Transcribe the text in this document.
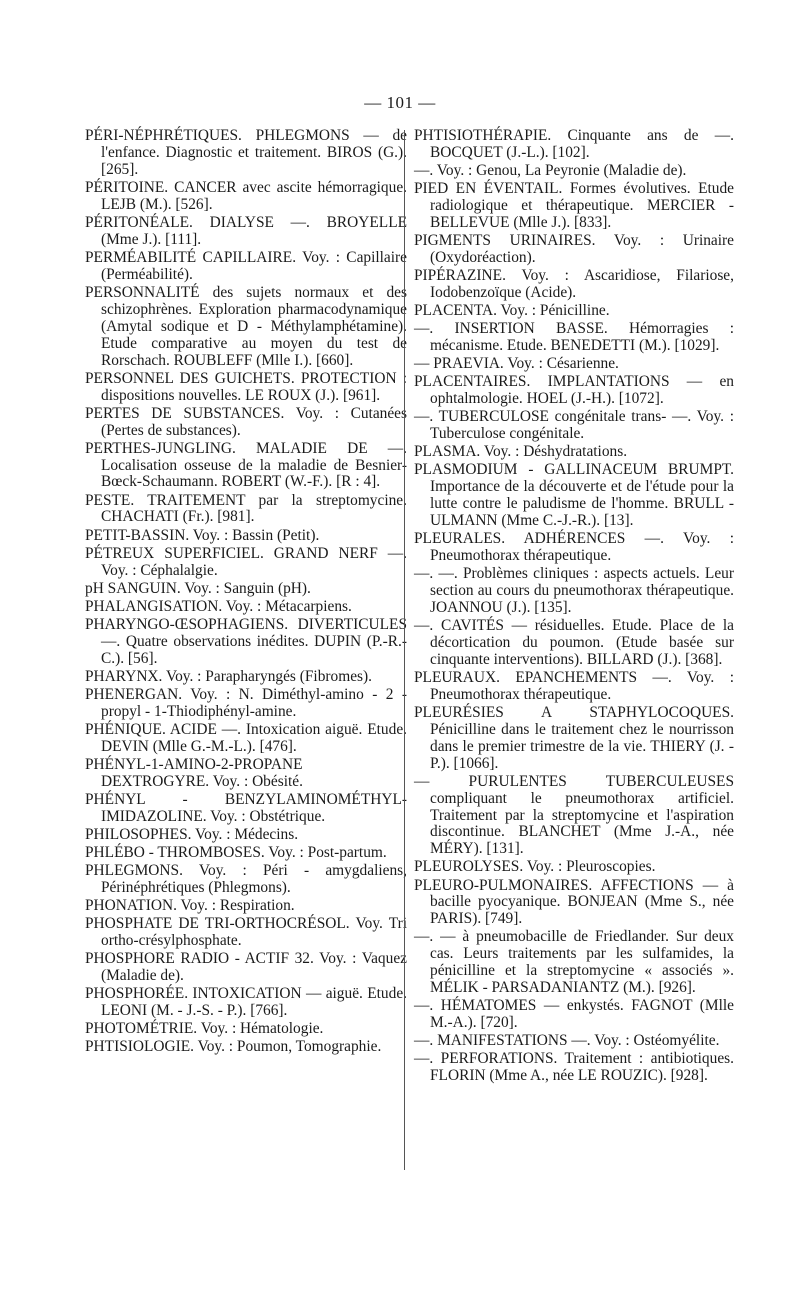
— 101 —

PÉRI-NÉPHRÉTIQUES. PHLEGMONS — de l'enfance. Diagnostic et traitement. BIROS (G.). [265].

PÉRITOINE. CANCER avec ascite hémorragique. LEJB (M.). [526].

PÉRITONÉALE. DIALYSE —. BROYELLE (Mme J.). [111].

PERMÉABILITÉ CAPILLAIRE. Voy. : Capillaire (Perméabilité).

PERSONNALITÉ des sujets normaux et des schizophrènes. Exploration pharmacodynamique (Amytal sodique et D - Méthylamphétamine). Etude comparative au moyen du test de Rorschach. ROUBLEFF (Mlle I.). [660].

PERSONNEL DES GUICHETS. PROTECTION : dispositions nouvelles. LE ROUX (J.). [961].

PERTES DE SUBSTANCES. Voy. : Cutanées (Pertes de substances).

PERTHES-JUNGLING. MALADIE DE —. Localisation osseuse de la maladie de Besnier-Bœck-Schaumann. ROBERT (W.-F.). [R : 4].

PESTE. TRAITEMENT par la streptomycine. CHACHATI (Fr.). [981].

PETIT-BASSIN. Voy. : Bassin (Petit).

PÉTREUX SUPERFICIEL. GRAND NERF —. Voy. : Céphalalgie.

pH SANGUIN. Voy. : Sanguin (pH).

PHALANGISATION. Voy. : Métacarpiens.

PHARYNGO-ŒSOPHAGIENS. DIVERTICULES —. Quatre observations inédites. DUPIN (P.-R.-C.). [56].

PHARYNX. Voy. : Parapharyngés (Fibromes).

PHENERGAN. Voy. : N. Diméthyl-amino - 2 - propyl - 1-Thiodiphényl-amine.

PHÉNIQUE. ACIDE —. Intoxication aiguë. Etude. DEVIN (Mlle G.-M.-L.). [476].

PHÉNYL-1-AMINO-2-PROPANE DEXTROGYRE. Voy. : Obésité.

PHÉNYL - BENZYLAMINOMÉTHYL-IMIDAZOLINE. Voy. : Obstétrique.

PHILOSOPHES. Voy. : Médecins.

PHLÉBO - THROMBOSES. Voy. : Post-partum.

PHLEGMONS. Voy. : Péri - amygdaliens, Périnéphrétiques (Phlegmons).

PHONATION. Voy. : Respiration.

PHOSPHATE DE TRI-ORTHOCRÉSOL. Voy. Tri ortho-crésylphosphate.

PHOSPHORE RADIO - ACTIF 32. Voy. : Vaquez (Maladie de).

PHOSPHORÉE. INTOXICATION — aiguë. Etude. LEONI (M. - J.-S. - P.). [766].

PHOTOMÉTRIE. Voy. : Hématologie.

PHTISIOLOGIE. Voy. : Poumon, Tomographie.

PHTISIOTHÉRAPIE. Cinquante ans de —. BOCQUET (J.-L.). [102].

—. Voy. : Genou, La Peyronie (Maladie de).

PIED EN ÉVENTAIL. Formes évolutives. Etude radiologique et thérapeutique. MERCIER - BELLEVUE (Mlle J.). [833].

PIGMENTS URINAIRES. Voy. : Urinaire (Oxydoréaction).

PIPÉRAZINE. Voy. : Ascaridiose, Filariose, Iodobenzoïque (Acide).

PLACENTA. Voy. : Pénicilline.

—. INSERTION BASSE. Hémorragies : mécanisme. Etude. BENEDETTI (M.). [1029].

— PRAEVIA. Voy. : Césarienne.

PLACENTAIRES. IMPLANTATIONS — en ophtalmologie. HOEL (J.-H.). [1072].

—. TUBERCULOSE congénitale trans- —. Voy. : Tuberculose congénitale.

PLASMA. Voy. : Déshydratations.

PLASMODIUM - GALLINACEUM BRUMPT. Importance de la découverte et de l'étude pour la lutte contre le paludisme de l'homme. BRULL - ULMANN (Mme C.-J.-R.). [13].

PLEURALES. ADHÉRENCES —. Voy. : Pneumothorax thérapeutique.

—. —. Problèmes cliniques : aspects actuels. Leur section au cours du pneumothorax thérapeutique. JOANNOU (J.). [135].

—. CAVITÉS — résiduelles. Etude. Place de la décortication du poumon. (Etude basée sur cinquante interventions). BILLARD (J.). [368].

PLEURAUX. EPANCHEMENTS —. Voy. : Pneumothorax thérapeutique.

PLEURÉSIES A STAPHYLOCOQUES. Pénicilline dans le traitement chez le nourrisson dans le premier trimestre de la vie. THIERY (J. - P.). [1066].

— PURULENTES TUBERCULEUSES compliquant le pneumothorax artificiel. Traitement par la streptomycine et l'aspiration discontinue. BLANCHET (Mme J.-A., née MÉRY). [131].

PLEUROLYSES. Voy. : Pleuroscopies.

PLEURO-PULMONAIRES. AFFECTIONS — à bacille pyocyanique. BONJEAN (Mme S., née PARIS). [749].

—. — à pneumobacille de Friedlander. Sur deux cas. Leurs traitements par les sulfamides, la pénicilline et la streptomycine « associés ». MÉLIK - PARSADANIANTZ (M.). [926].

—. HÉMATOMES — enkystés. FAGNOT (Mlle M.-A.). [720].

—. MANIFESTATIONS —. Voy. : Ostéomyélite.

—. PERFORATIONS. Traitement : antibiotiques. FLORIN (Mme A., née LE ROUZIC). [928].
